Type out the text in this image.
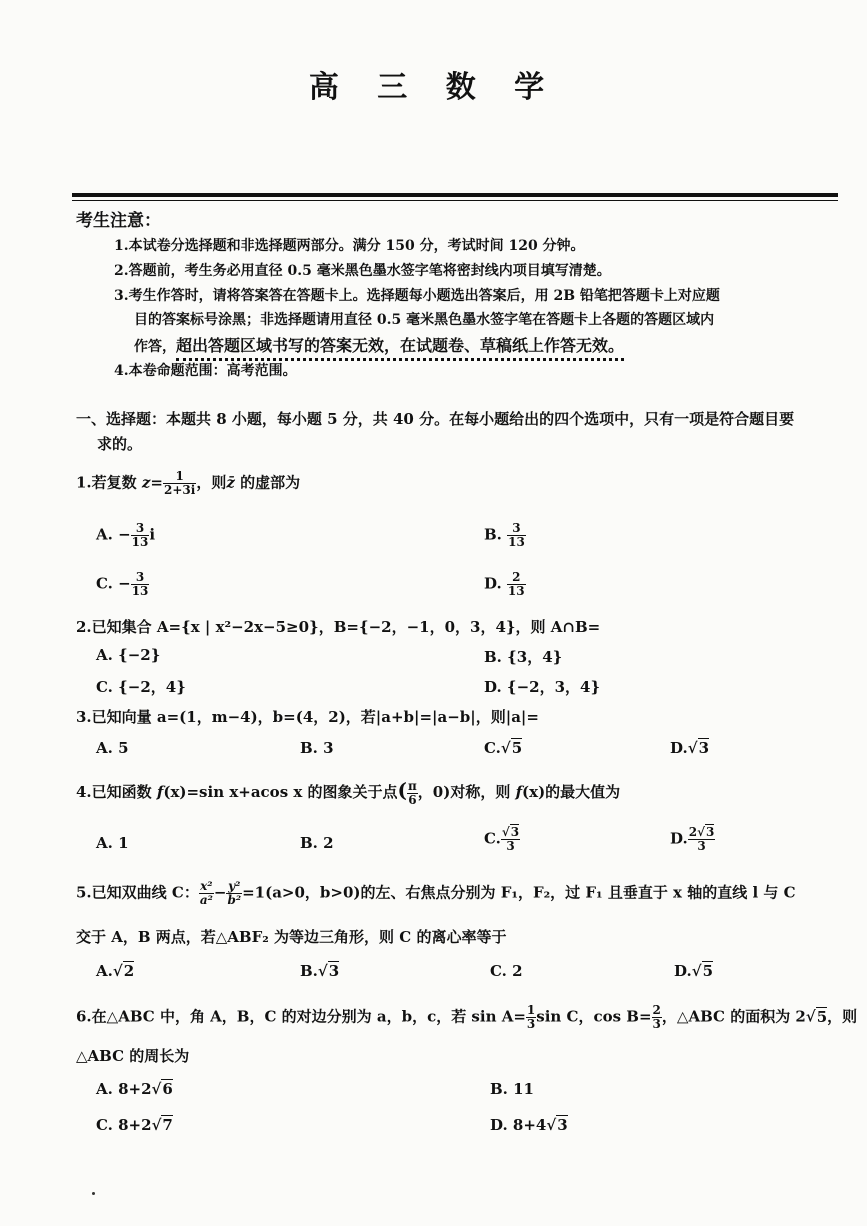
高 三 数 学
考生注意：
1.本试卷分选择题和非选择题两部分。满分 150 分，考试时间 120 分钟。
2.答题前，考生务必用直径 0.5 毫米黑色墨水签字笔将密封线内项目填写清楚。
3.考生作答时，请将答案答在答题卡上。选择题每小题选出答案后，用 2B 铅笔把答题卡上对应题
目的答案标号涂黑；非选择题请用直径 0.5 毫米黑色墨水签字笔在答题卡上各题的答题区域内
作答，超出答题区域书写的答案无效，在试题卷、草稿纸上作答无效。
4.本卷命题范围：高考范围。
一、选择题：本题共 8 小题，每小题 5 分，共 40 分。在每小题给出的四个选项中，只有一项是符合题目要
求的。
1.若复数 $z= \frac{1}{2+3i}$ ，则z̄ 的虚部为
A. − $\frac{3}{13}$ i	B. $\frac{3}{13}$
C. − $\frac{3}{13}$	D. $\frac{2}{13}$
2.已知集合 A={x | x²−2x−5≥0}，B={−2，−1，0，3，4}，则 A∩B=
A. {−2}	B. {3，4}
C. {−2，4}	D. {−2，3，4}
3.已知向量 a=(1，m−4)，b=(4，2)，若|a+b|=|a−b|，则|a|=
A. 5	B. 3	C.√5	D.√3
4.已知函数 f(x)=sin x+acos x 的图象关于点( $\frac{\pi}{6}$ ，0)对称，则 f(x)的最大值为
A. 1	B. 2	C. $\frac{√3}{3}$	D. $\frac{2√3}{3}$
5.已知双曲线 C： $\frac{\text{x²}}{\text{a²}} - \frac{\text{y²}}{\text{b²}} =1(a>0$，b>0)的左、右焦点分别为 F₁，F₂，过 F₁ 且垂直于 x 轴的直线 l 与 C
交于 A，B 两点，若△ABF₂ 为等边三角形，则 C 的离心率等于
A.√2	B.√3	C. 2	D.√5
6.在△ABC 中，角 A，B，C 的对边分别为 a，b，c，若 $\sin A= \frac{1}{3}$ sin C，$\cos B= \frac{2}{3}$ ，△ABC 的面积为 2√5，则
△ABC 的周长为
A. 8+2√6	B. 11
C. 8+2√7	D. 8+4√3
